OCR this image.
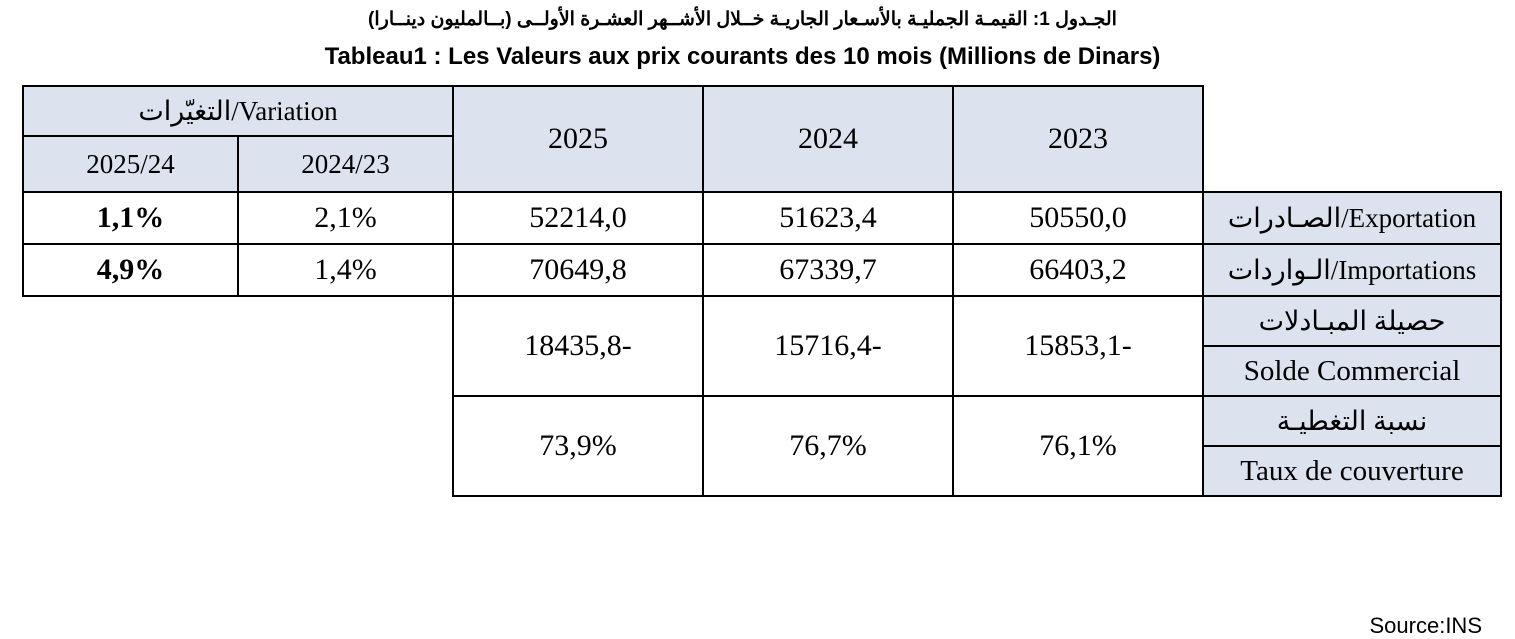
الجـدول 1: القيمـة الجمليـة بالأسـعار الجاريـة خــلال الأشــهر العشـرة الأولــى (بــالمليون دينــارا)
Tableau1 : Les Valeurs aux prix courants des 10 mois (Millions de Dinars)
Variation/التغيّرات		2025	2024	2023	
2025/24	2024/23				
1,1%	2,1%	52214,0	51623,4	50550,0	Exportation/الصـادرات
4,9%	1,4%	70649,8	67339,7	66403,2	Importations/الـواردات
		18435,8-	15716,4-	15853,1-	حصيلة المبـادلات
					Solde Commercial
		73,9%	76,7%	76,1%	نسبة التغطيـة
					Taux de couverture
Source:INS
